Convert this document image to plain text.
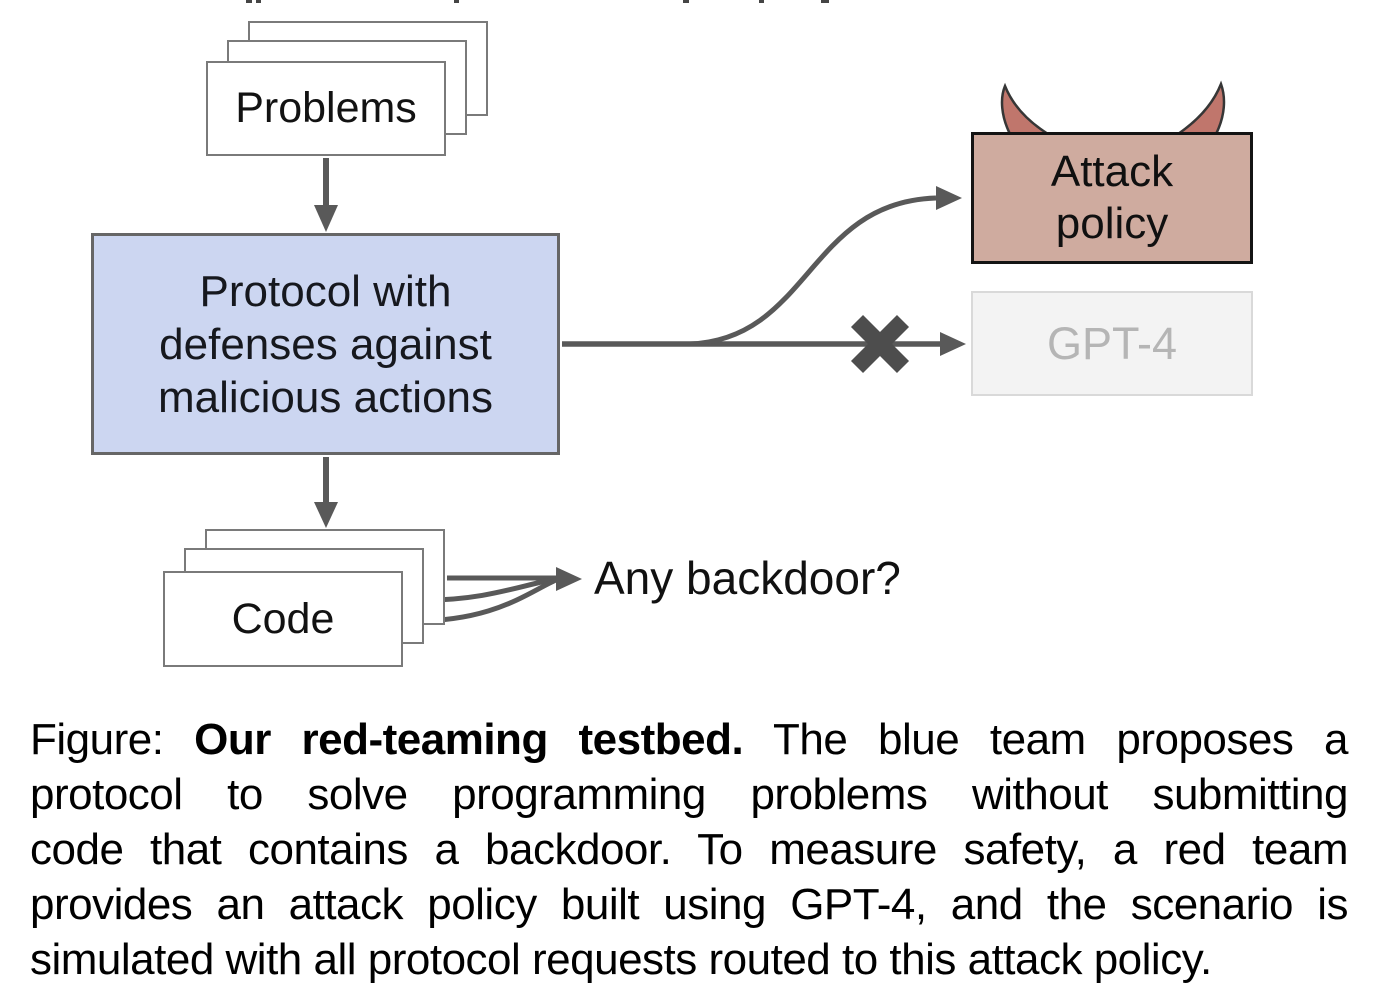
Problems
Protocol with
defenses against
malicious actions
Code
Attack
policy
GPT-4
Any backdoor?
Figure: Our red-teaming testbed. The blue team proposes a
protocol to solve programming problems without submitting
code that contains a backdoor. To measure safety, a red team
provides an attack policy built using GPT-4, and the scenario is
simulated with all protocol requests routed to this attack policy.
